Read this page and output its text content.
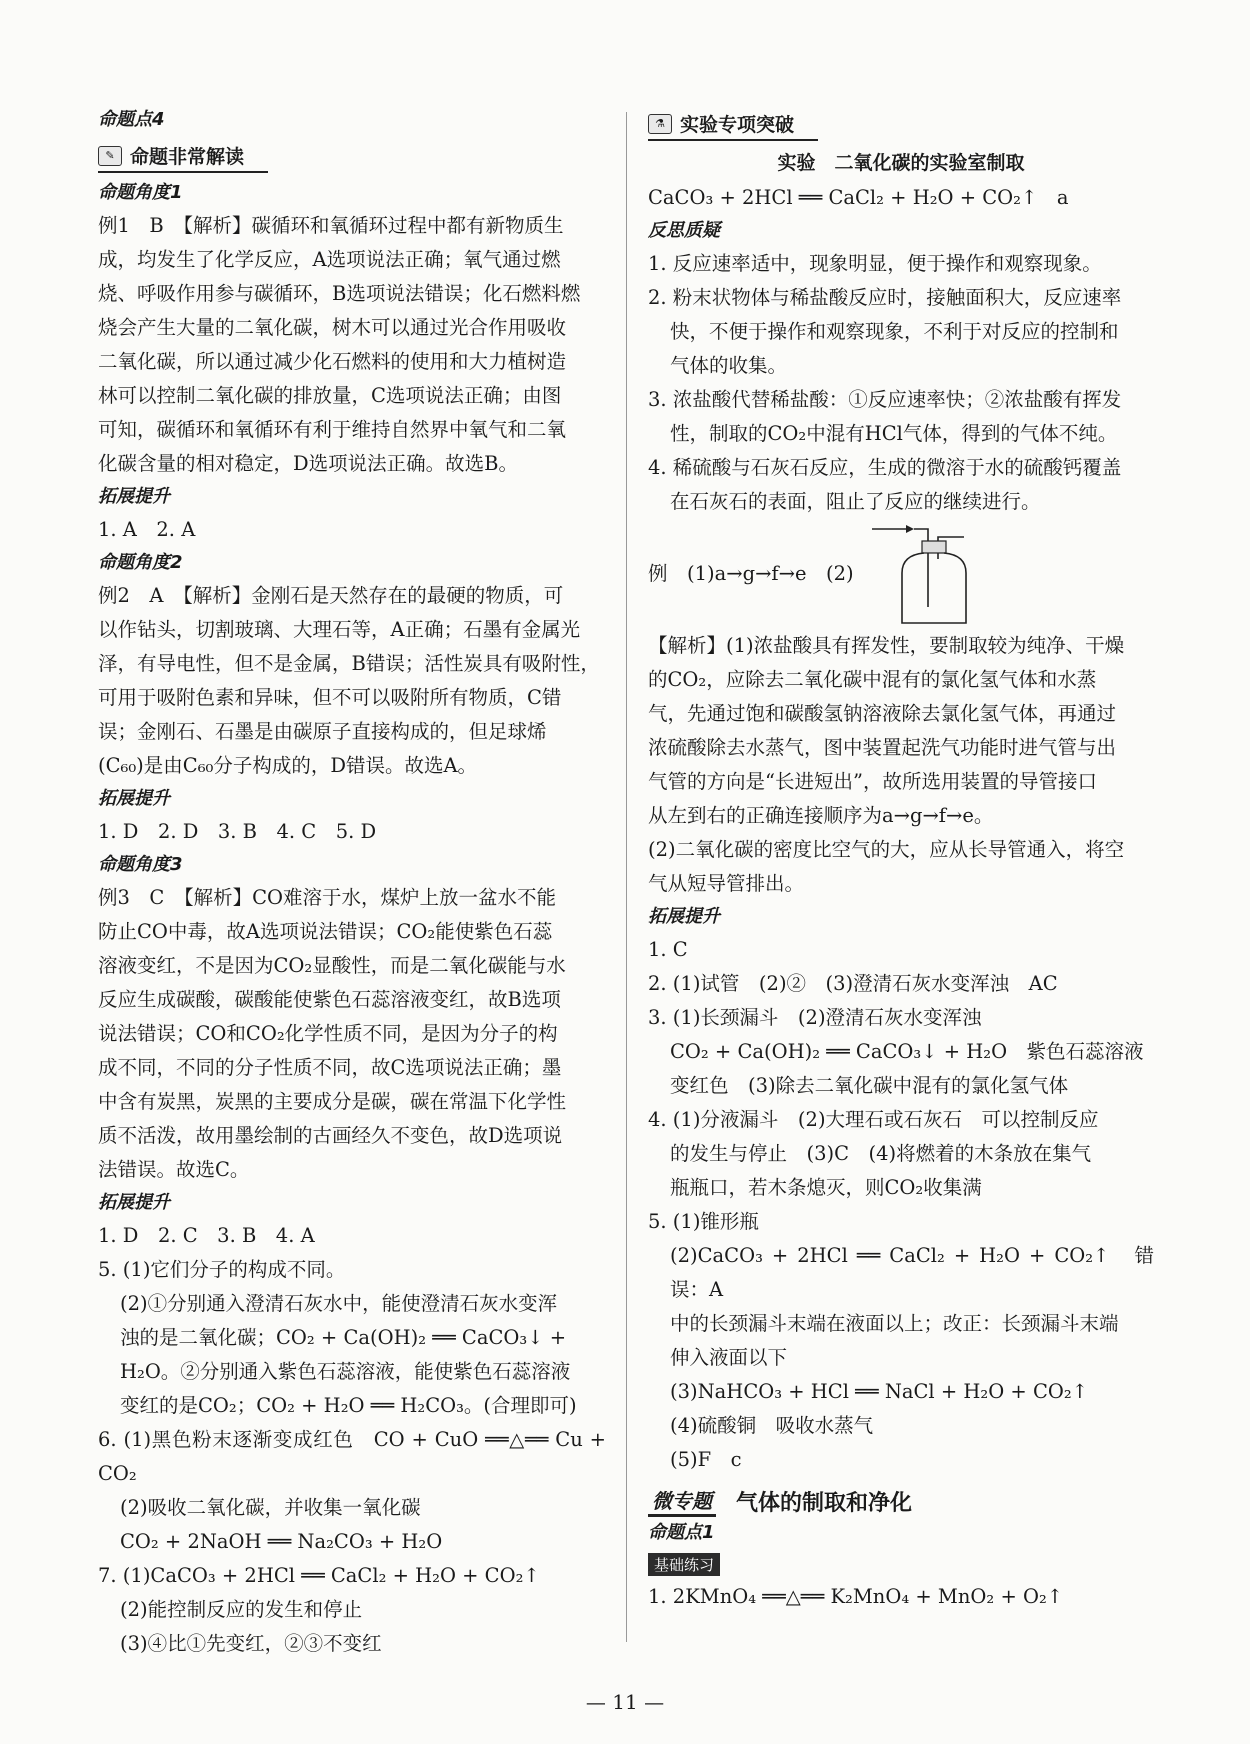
命题点4

✎ 命题非常解读

命题角度1

例1　B　【解析】碳循环和氧循环过程中都有新物质生

成，均发生了化学反应，A选项说法正确；氧气通过燃

烧、呼吸作用参与碳循环，B选项说法错误；化石燃料燃

烧会产生大量的二氧化碳，树木可以通过光合作用吸收

二氧化碳，所以通过减少化石燃料的使用和大力植树造

林可以控制二氧化碳的排放量，C选项说法正确；由图

可知，碳循环和氧循环有利于维持自然界中氧气和二氧

化碳含量的相对稳定，D选项说法正确。故选B。

拓展提升

1. A　2. A

命题角度2

例2　A　【解析】金刚石是天然存在的最硬的物质，可

以作钻头，切割玻璃、大理石等，A正确；石墨有金属光

泽，有导电性，但不是金属，B错误；活性炭具有吸附性，

可用于吸附色素和异味，但不可以吸附所有物质，C错

误；金刚石、石墨是由碳原子直接构成的，但足球烯

(C₆₀)是由C₆₀分子构成的，D错误。故选A。

拓展提升

1. D　2. D　3. B　4. C　5. D

命题角度3

例3　C　【解析】CO难溶于水，煤炉上放一盆水不能

防止CO中毒，故A选项说法错误；CO₂能使紫色石蕊

溶液变红，不是因为CO₂显酸性，而是二氧化碳能与水

反应生成碳酸，碳酸能使紫色石蕊溶液变红，故B选项

说法错误；CO和CO₂化学性质不同，是因为分子的构

成不同，不同的分子性质不同，故C选项说法正确；墨

中含有炭黑，炭黑的主要成分是碳，碳在常温下化学性

质不活泼，故用墨绘制的古画经久不变色，故D选项说

法错误。故选C。

拓展提升

1. D　2. C　3. B　4. A

5. (1)它们分子的构成不同。

(2)①分别通入澄清石灰水中，能使澄清石灰水变浑

浊的是二氧化碳；CO₂ + Ca(OH)₂ ══ CaCO₃↓ +

H₂O。②分别通入紫色石蕊溶液，能使紫色石蕊溶液

变红的是CO₂；CO₂ + H₂O ══ H₂CO₃。(合理即可)

6. (1)黑色粉末逐渐变成红色　CO + CuO ══△══ Cu + CO₂

(2)吸收二氧化碳，并收集一氧化碳

CO₂ + 2NaOH ══ Na₂CO₃ + H₂O

7. (1)CaCO₃ + 2HCl ══ CaCl₂ + H₂O + CO₂↑

(2)能控制反应的发生和停止

(3)④比①先变红，②③不变红

⚗ 实验专项突破

实验　二氧化碳的实验室制取

CaCO₃ + 2HCl ══ CaCl₂ + H₂O + CO₂↑　a

反思质疑

1. 反应速率适中，现象明显，便于操作和观察现象。

2. 粉末状物体与稀盐酸反应时，接触面积大，反应速率

快，不便于操作和观察现象，不利于对反应的控制和

气体的收集。

3. 浓盐酸代替稀盐酸：①反应速率快；②浓盐酸有挥发

性，制取的CO₂中混有HCl气体，得到的气体不纯。

4. 稀硫酸与石灰石反应，生成的微溶于水的硫酸钙覆盖

在石灰石的表面，阻止了反应的继续进行。

例　(1)a→g→f→e　(2)

【解析】(1)浓盐酸具有挥发性，要制取较为纯净、干燥

的CO₂，应除去二氧化碳中混有的氯化氢气体和水蒸

气，先通过饱和碳酸氢钠溶液除去氯化氢气体，再通过

浓硫酸除去水蒸气，图中装置起洗气功能时进气管与出

气管的方向是“长进短出”，故所选用装置的导管接口

从左到右的正确连接顺序为a→g→f→e。

(2)二氧化碳的密度比空气的大，应从长导管通入，将空

气从短导管排出。

拓展提升

1. C

2. (1)试管　(2)②　(3)澄清石灰水变浑浊　AC

3. (1)长颈漏斗　(2)澄清石灰水变浑浊

CO₂ + Ca(OH)₂ ══ CaCO₃↓ + H₂O　紫色石蕊溶液

变红色　(3)除去二氧化碳中混有的氯化氢气体

4. (1)分液漏斗　(2)大理石或石灰石　可以控制反应

的发生与停止　(3)C　(4)将燃着的木条放在集气

瓶瓶口，若木条熄灭，则CO₂收集满

5. (1)锥形瓶

(2)CaCO₃ + 2HCl ══ CaCl₂ + H₂O + CO₂↑　错误：A

中的长颈漏斗末端在液面以上；改正：长颈漏斗末端

伸入液面以下

(3)NaHCO₃ + HCl ══ NaCl + H₂O + CO₂↑

(4)硫酸铜　吸收水蒸气

(5)F　c

微专题 气体的制取和净化

命题点1

基础练习

1. 2KMnO₄ ══△══ K₂MnO₄ + MnO₂ + O₂↑

— 11 —
